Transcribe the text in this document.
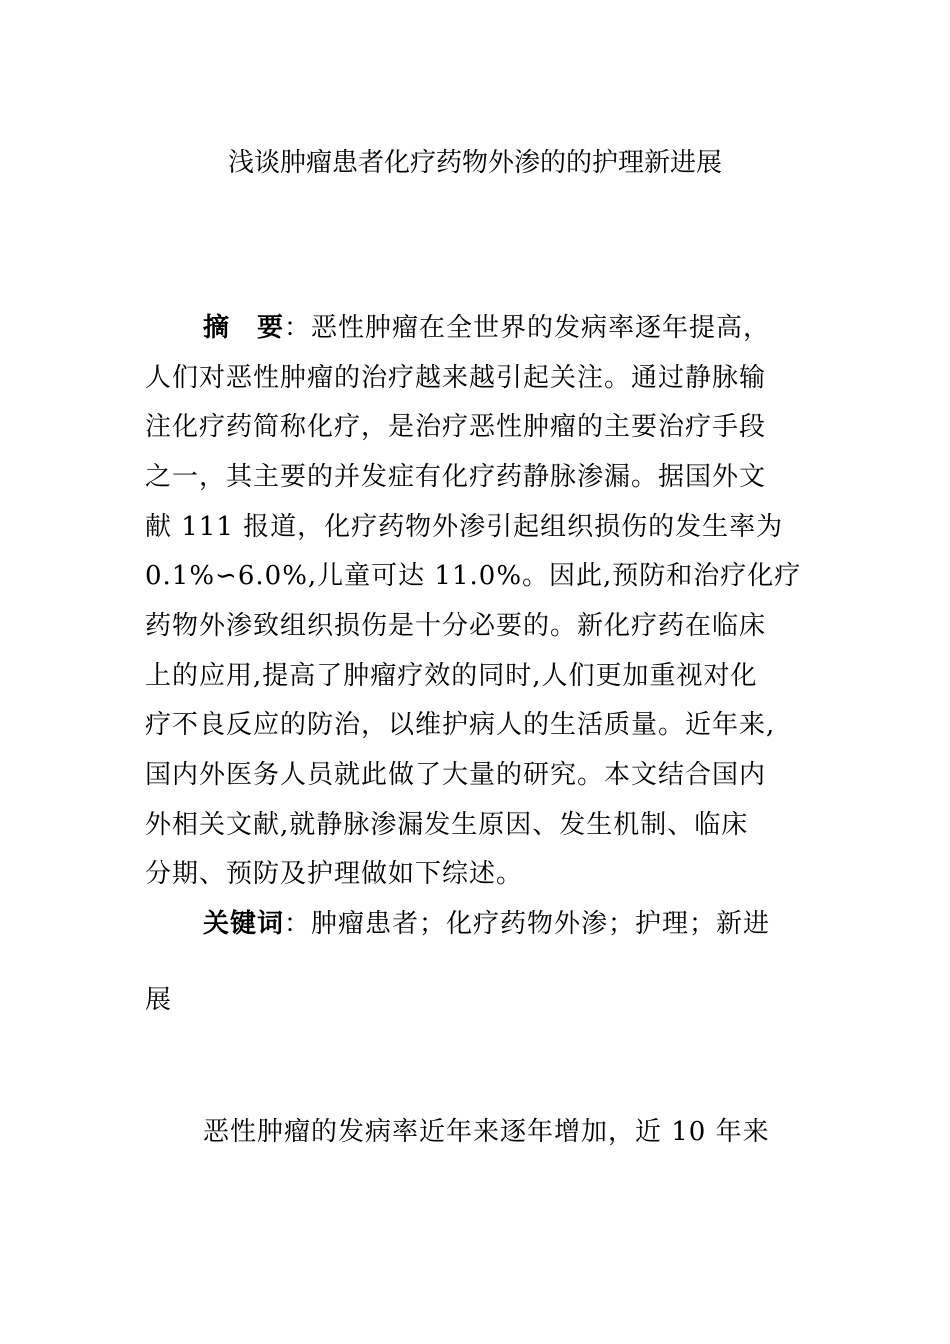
浅谈肿瘤患者化疗药物外渗的的护理新进展
摘　要：恶性肿瘤在全世界的发病率逐年提高，
人们对恶性肿瘤的治疗越来越引起关注。通过静脉输
注化疗药简称化疗，是治疗恶性肿瘤的主要治疗手段
之一，其主要的并发症有化疗药静脉渗漏。据国外文
献 111 报道，化疗药物外渗引起组织损伤的发生率为
0.1%∽6.0%,儿童可达 11.0%。因此,预防和治疗化疗
药物外渗致组织损伤是十分必要的。新化疗药在临床
上的应用,提高了肿瘤疗效的同时,人们更加重视对化
疗不良反应的防治，以维护病人的生活质量。近年来,
国内外医务人员就此做了大量的研究。本文结合国内
外相关文献,就静脉渗漏发生原因、发生机制、临床
分期、预防及护理做如下综述。
关键词：肿瘤患者；化疗药物外渗；护理；新进
展
恶性肿瘤的发病率近年来逐年增加，近 10 年来
